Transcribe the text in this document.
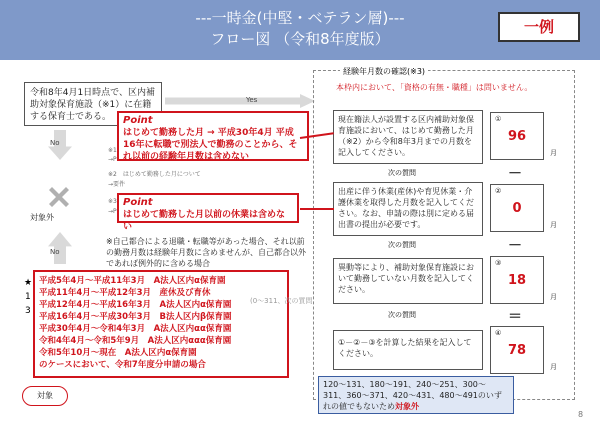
---一時金(中堅・ベテラン層)---
フロー図 （令和8年度版）
一例
令和8年4月1日時点で、区内補助対象保育施設（※1）に在籍する保育士である。
Yes
No
対象外
No
※1
→P
※2　はじめて勤務した月について
→要件
※3
→P
Point
はじめて勤務した月 → 平成30年4月 平成16年に転職で別法人で勤務のことから、それ以前の経験年月数は含めない
Point
はじめて勤務した月以前の休業は含めない
※自己都合による退職・転職等があった場合、それ以前の勤務月数は経験年月数に含めませんが、自己都合以外であれば例外的に含める場合
★
1
3
平成5年4月～平成11年3月　A法人区内α保育園
平成11年4月～平成12年3月　産休及び育休
平成12年4月～平成16年3月　A法人区内α保育園
平成16年4月～平成30年3月　B法人区内β保育園
平成30年4月～令和4年3月　A法人区内αα保育園
令和4年4月～令和5年9月　A法人区内ααα保育園
令和5年10月～現在　A法人区内α保育園
のケースにおいて、令和7年度分申請の場合
(0～311、次の質問
対象
経験年月数の確認(※3)
本枠内において、「資格の有無・職種」は問いません。
現在籍法人が設置する区内補助対象保育施設において、はじめて勤務した月（※2）から令和8年3月までの月数を記入してください。
出産に伴う休業(産休)や育児休業・介護休業を取得した月数を記入してください。なお、申請の際は別に定める届出書の提出が必要です。
異動等により、補助対象保育施設において勤務していない月数を記入してください。
①－②－③を計算した結果を記入してください。
次の質問
次の質問
次の質問
①
96
②
0
③
18
④
78
月
月
月
月
－
－
＝
120～131、180～191、240～251、300～311、360～371、420～431、480～491のいずれの値でもないため対象外
8
